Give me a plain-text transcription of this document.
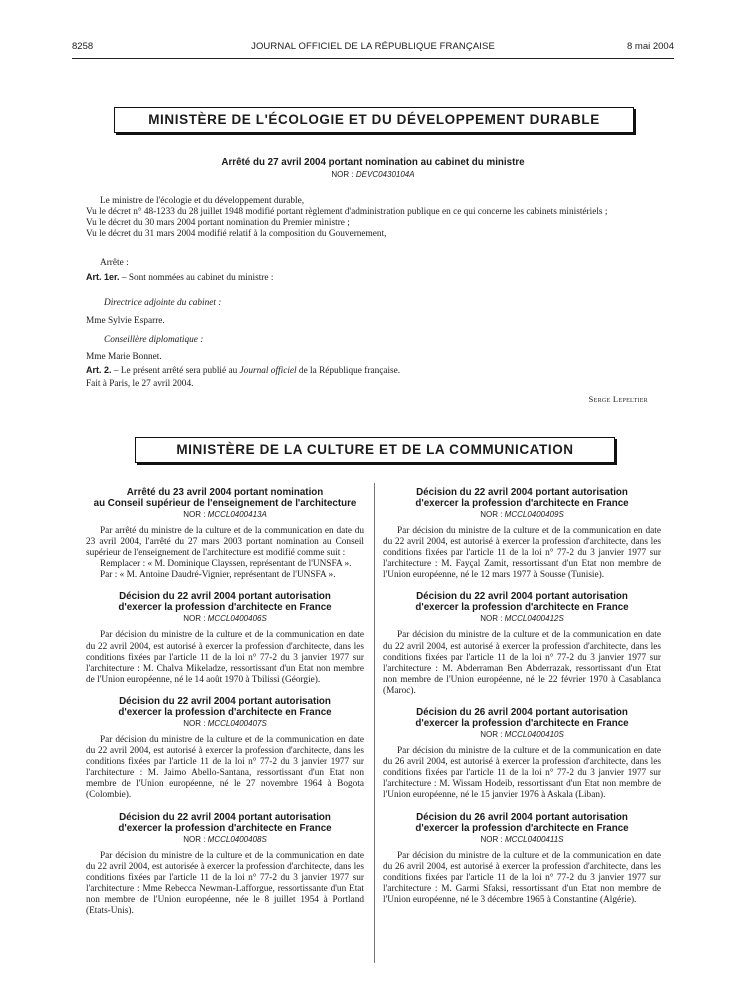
8258	JOURNAL OFFICIEL DE LA RÉPUBLIQUE FRANÇAISE	8 mai 2004
MINISTÈRE DE L'ÉCOLOGIE ET DU DÉVELOPPEMENT DURABLE

Arrêté du 27 avril 2004 portant nomination au cabinet du ministre

NOR : DEVC0430104A

Le ministre de l'écologie et du développement durable,
Vu le décret n° 48-1233 du 28 juillet 1948 modifié portant règlement d'administration publique en ce qui concerne les cabinets ministériels ;
Vu le décret du 30 mars 2004 portant nomination du Premier ministre ;
Vu le décret du 31 mars 2004 modifié relatif à la composition du Gouvernement,
Arrête :
Art. 1er. – Sont nommées au cabinet du ministre :
Directrice adjointe du cabinet :
Mme Sylvie Esparre.
Conseillère diplomatique :
Mme Marie Bonnet.
Art. 2. – Le présent arrêté sera publié au Journal officiel de la République française.
Fait à Paris, le 27 avril 2004.
Serge Lepeltier
MINISTÈRE DE LA CULTURE ET DE LA COMMUNICATION

Arrêté du 23 avril 2004 portant nomination

au Conseil supérieur de l'enseignement de l'architecture

NOR : MCCL0400413A

Par arrêté du ministre de la culture et de la communication en date du 23 avril 2004, l'arrêté du 27 mars 2003 portant nomination au Conseil supérieur de l'enseignement de l'architecture est modifié comme suit :

Remplacer : « M. Dominique Clayssen, représentant de l'UNSFA ».

Par : « M. Antoine Daudré-Vignier, représentant de l'UNSFA ».

Décision du 22 avril 2004 portant autorisation

d'exercer la profession d'architecte en France

NOR : MCCL0400406S

Par décision du ministre de la culture et de la communication en date du 22 avril 2004, est autorisé à exercer la profession d'architecte, dans les conditions fixées par l'article 11 de la loi n° 77-2 du 3 janvier 1977 sur l'architecture : M. Chalva Mikeladze, ressortissant d'un Etat non membre de l'Union européenne, né le 14 août 1970 à Tbilissi (Géorgie).

Décision du 22 avril 2004 portant autorisation

d'exercer la profession d'architecte en France

NOR : MCCL0400407S

Par décision du ministre de la culture et de la communication en date du 22 avril 2004, est autorisé à exercer la profession d'architecte, dans les conditions fixées par l'article 11 de la loi n° 77-2 du 3 janvier 1977 sur l'architecture : M. Jaimo Abello-Santana, ressortissant d'un Etat non membre de l'Union européenne, né le 27 novembre 1964 à Bogota (Colombie).

Décision du 22 avril 2004 portant autorisation

d'exercer la profession d'architecte en France

NOR : MCCL0400408S

Par décision du ministre de la culture et de la communication en date du 22 avril 2004, est autorisée à exercer la profession d'architecte, dans les conditions fixées par l'article 11 de la loi n° 77-2 du 3 janvier 1977 sur l'architecture : Mme Rebecca Newman-Lafforgue, ressortissante d'un Etat non membre de l'Union européenne, née le 8 juillet 1954 à Portland (Etats-Unis).

Décision du 22 avril 2004 portant autorisation

d'exercer la profession d'architecte en France

NOR : MCCL0400409S

Par décision du ministre de la culture et de la communication en date du 22 avril 2004, est autorisé à exercer la profession d'architecte, dans les conditions fixées par l'article 11 de la loi n° 77-2 du 3 janvier 1977 sur l'architecture : M. Fayçal Zamit, ressortissant d'un Etat non membre de l'Union européenne, né le 12 mars 1977 à Sousse (Tunisie).

Décision du 22 avril 2004 portant autorisation

d'exercer la profession d'architecte en France

NOR : MCCL0400412S

Par décision du ministre de la culture et de la communication en date du 22 avril 2004, est autorisé à exercer la profession d'architecte, dans les conditions fixées par l'article 11 de la loi n° 77-2 du 3 janvier 1977 sur l'architecture : M. Abderraman Ben Abderrazak, ressortissant d'un Etat non membre de l'Union européenne, né le 22 février 1970 à Casablanca (Maroc).

Décision du 26 avril 2004 portant autorisation

d'exercer la profession d'architecte en France

NOR : MCCL0400410S

Par décision du ministre de la culture et de la communication en date du 26 avril 2004, est autorisé à exercer la profession d'architecte, dans les conditions fixées par l'article 11 de la loi n° 77-2 du 3 janvier 1977 sur l'architecture : M. Wissam Hodeib, ressortissant d'un Etat non membre de l'Union européenne, né le 15 janvier 1976 à Askala (Liban).

Décision du 26 avril 2004 portant autorisation

d'exercer la profession d'architecte en France

NOR : MCCL0400411S

Par décision du ministre de la culture et de la communication en date du 26 avril 2004, est autorisé à exercer la profession d'architecte, dans les conditions fixées par l'article 11 de la loi n° 77-2 du 3 janvier 1977 sur l'architecture : M. Garmi Sfaksi, ressortissant d'un Etat non membre de l'Union européenne, né le 3 décembre 1965 à Constantine (Algérie).
